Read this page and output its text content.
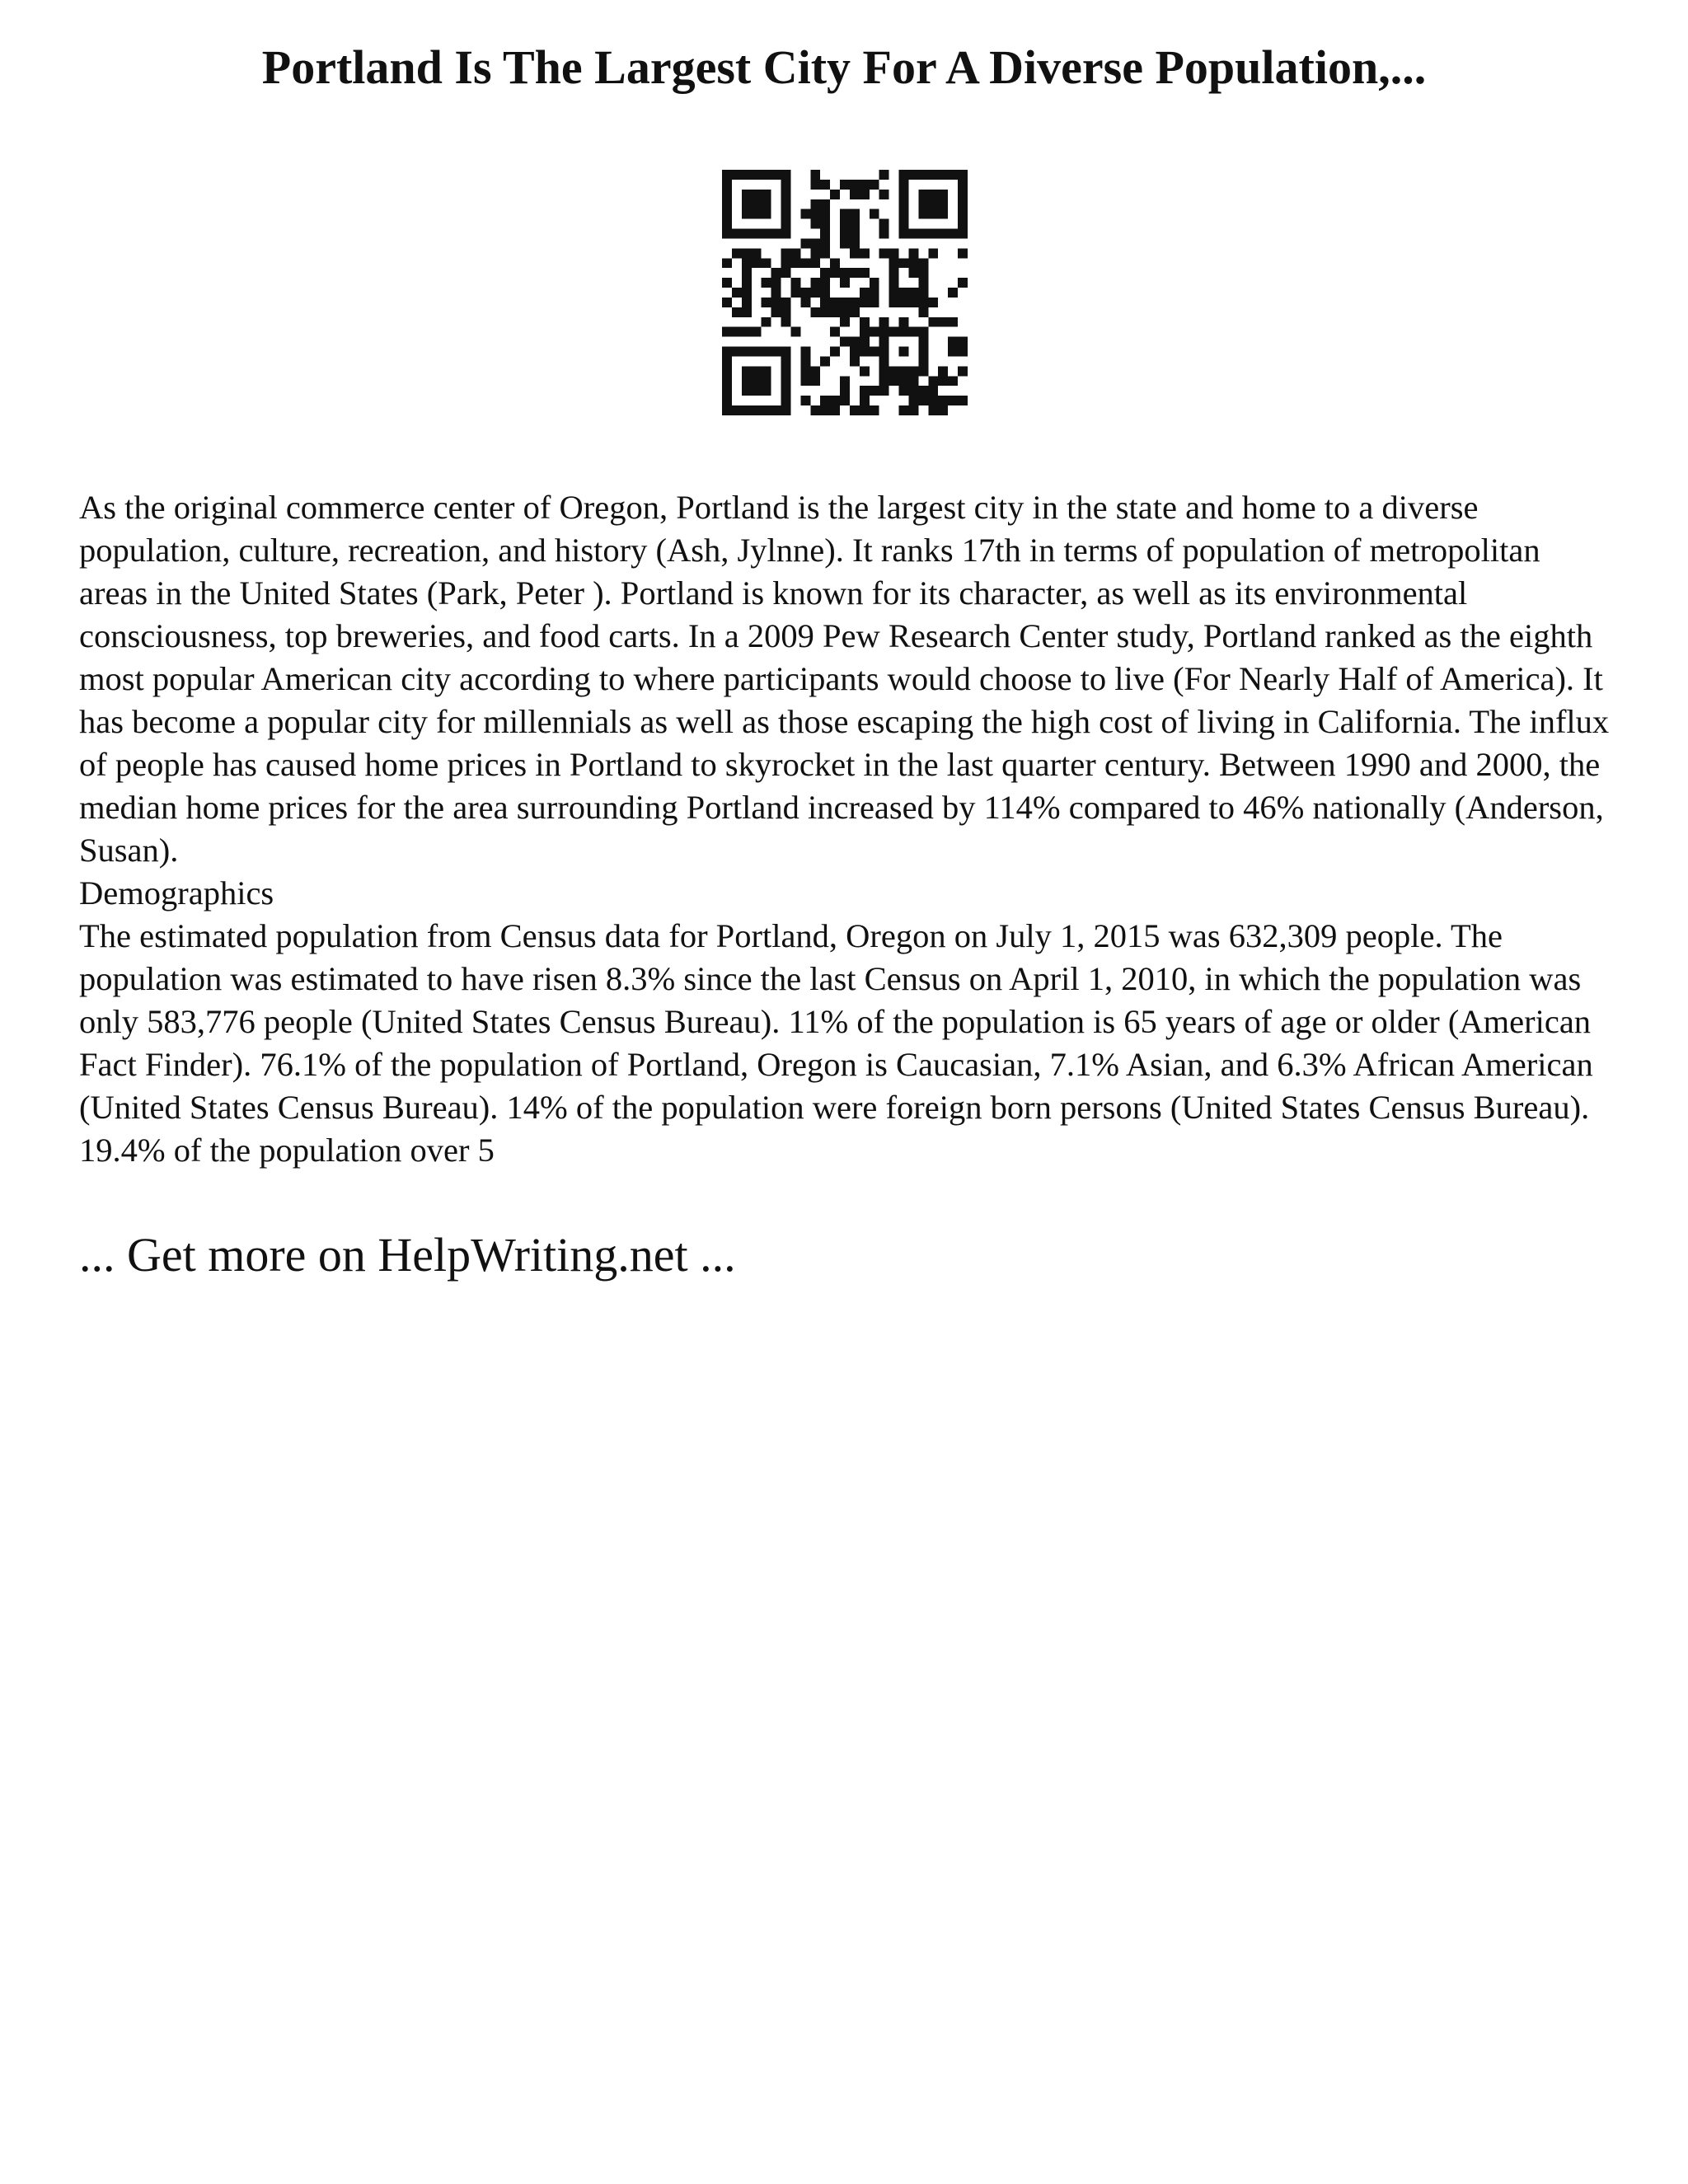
Portland Is The Largest City For A Diverse Population,...

As the original commerce center of Oregon, Portland is the largest city in the state and home to a diverse population, culture, recreation, and history (Ash, Jylnne). It ranks 17th in terms of population of metropolitan areas in the United States (Park, Peter ). Portland is known for its character, as well as its environmental consciousness, top breweries, and food carts. In a 2009 Pew Research Center study, Portland ranked as the eighth most popular American city according to where participants would choose to live (For Nearly Half of America). It has become a popular city for millennials as well as those escaping the high cost of living in California. The influx of people has caused home prices in Portland to skyrocket in the last quarter century. Between 1990 and 2000, the median home prices for the area surrounding Portland increased by 114% compared to 46% nationally (Anderson, Susan).

Demographics

The estimated population from Census data for Portland, Oregon on July 1, 2015 was 632,309 people. The population was estimated to have risen 8.3% since the last Census on April 1, 2010, in which the population was only 583,776 people (United States Census Bureau). 11% of the population is 65 years of age or older (American Fact Finder). 76.1% of the population of Portland, Oregon is Caucasian, 7.1% Asian, and 6.3% African American (United States Census Bureau). 14% of the population were foreign born persons (United States Census Bureau). 19.4% of the population over 5

... Get more on HelpWriting.net ...
